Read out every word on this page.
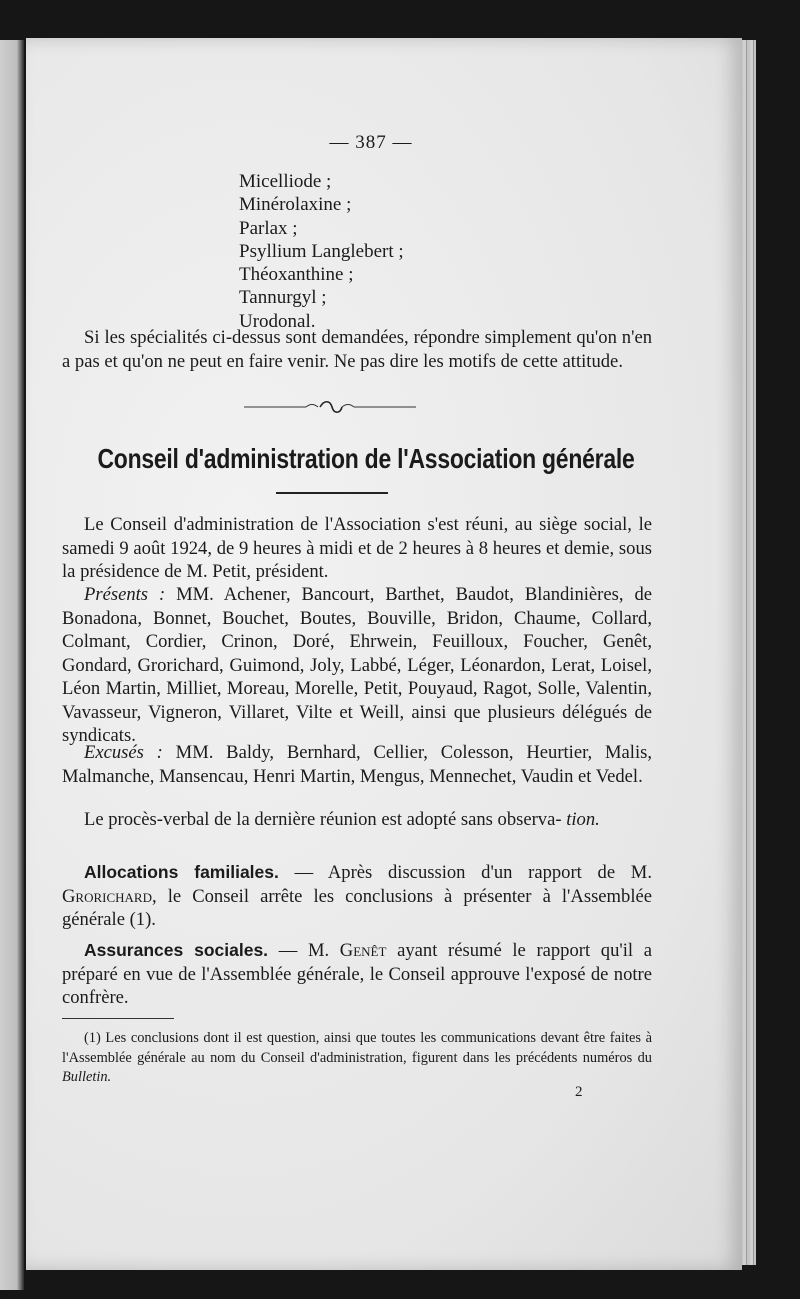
— 387 —
Micelliode ;
Minérolaxine ;
Parlax ;
Psyllium Langlebert ;
Théoxanthine ;
Tannurgyl ;
Urodonal.

Si les spécialités ci-dessus sont demandées, répondre simplement qu'on n'en a pas et qu'on ne peut en faire venir. Ne pas dire les motifs de cette attitude.

Conseil d'administration de l'Association générale

Le Conseil d'administration de l'Association s'est réuni, au siège social, le samedi 9 août 1924, de 9 heures à midi et de 2 heures à 8 heures et demie, sous la présidence de M. Petit, président.

Présents : MM. Achener, Bancourt, Barthet, Baudot, Blandinières, de Bonadona, Bonnet, Bouchet, Boutes, Bouville, Bridon, Chaume, Collard, Colmant, Cordier, Crinon, Doré, Ehrwein, Feuilloux, Foucher, Genêt, Gondard, Grorichard, Guimond, Joly, Labbé, Léger, Léonardon, Lerat, Loisel, Léon Martin, Milliet, Moreau, Morelle, Petit, Pouyaud, Ragot, Solle, Valentin, Vavasseur, Vigneron, Villaret, Vilte et Weill, ainsi que plusieurs délégués de syndicats.

Excusés : MM. Baldy, Bernhard, Cellier, Colesson, Heurtier, Malis, Malmanche, Mansencau, Henri Martin, Mengus, Mennechet, Vaudin et Vedel.

Le procès-verbal de la dernière réunion est adopté sans observa- tion.

Allocations familiales. — Après discussion d'un rapport de M. Grorichard, le Conseil arrête les conclusions à présenter à l'Assemblée générale (1).

Assurances sociales. — M. Genêt ayant résumé le rapport qu'il a préparé en vue de l'Assemblée générale, le Conseil approuve l'exposé de notre confrère.

(1) Les conclusions dont il est question, ainsi que toutes les communications devant être faites à l'Assemblée générale au nom du Conseil d'administration, figurent dans les précédents numéros du Bulletin.

2
